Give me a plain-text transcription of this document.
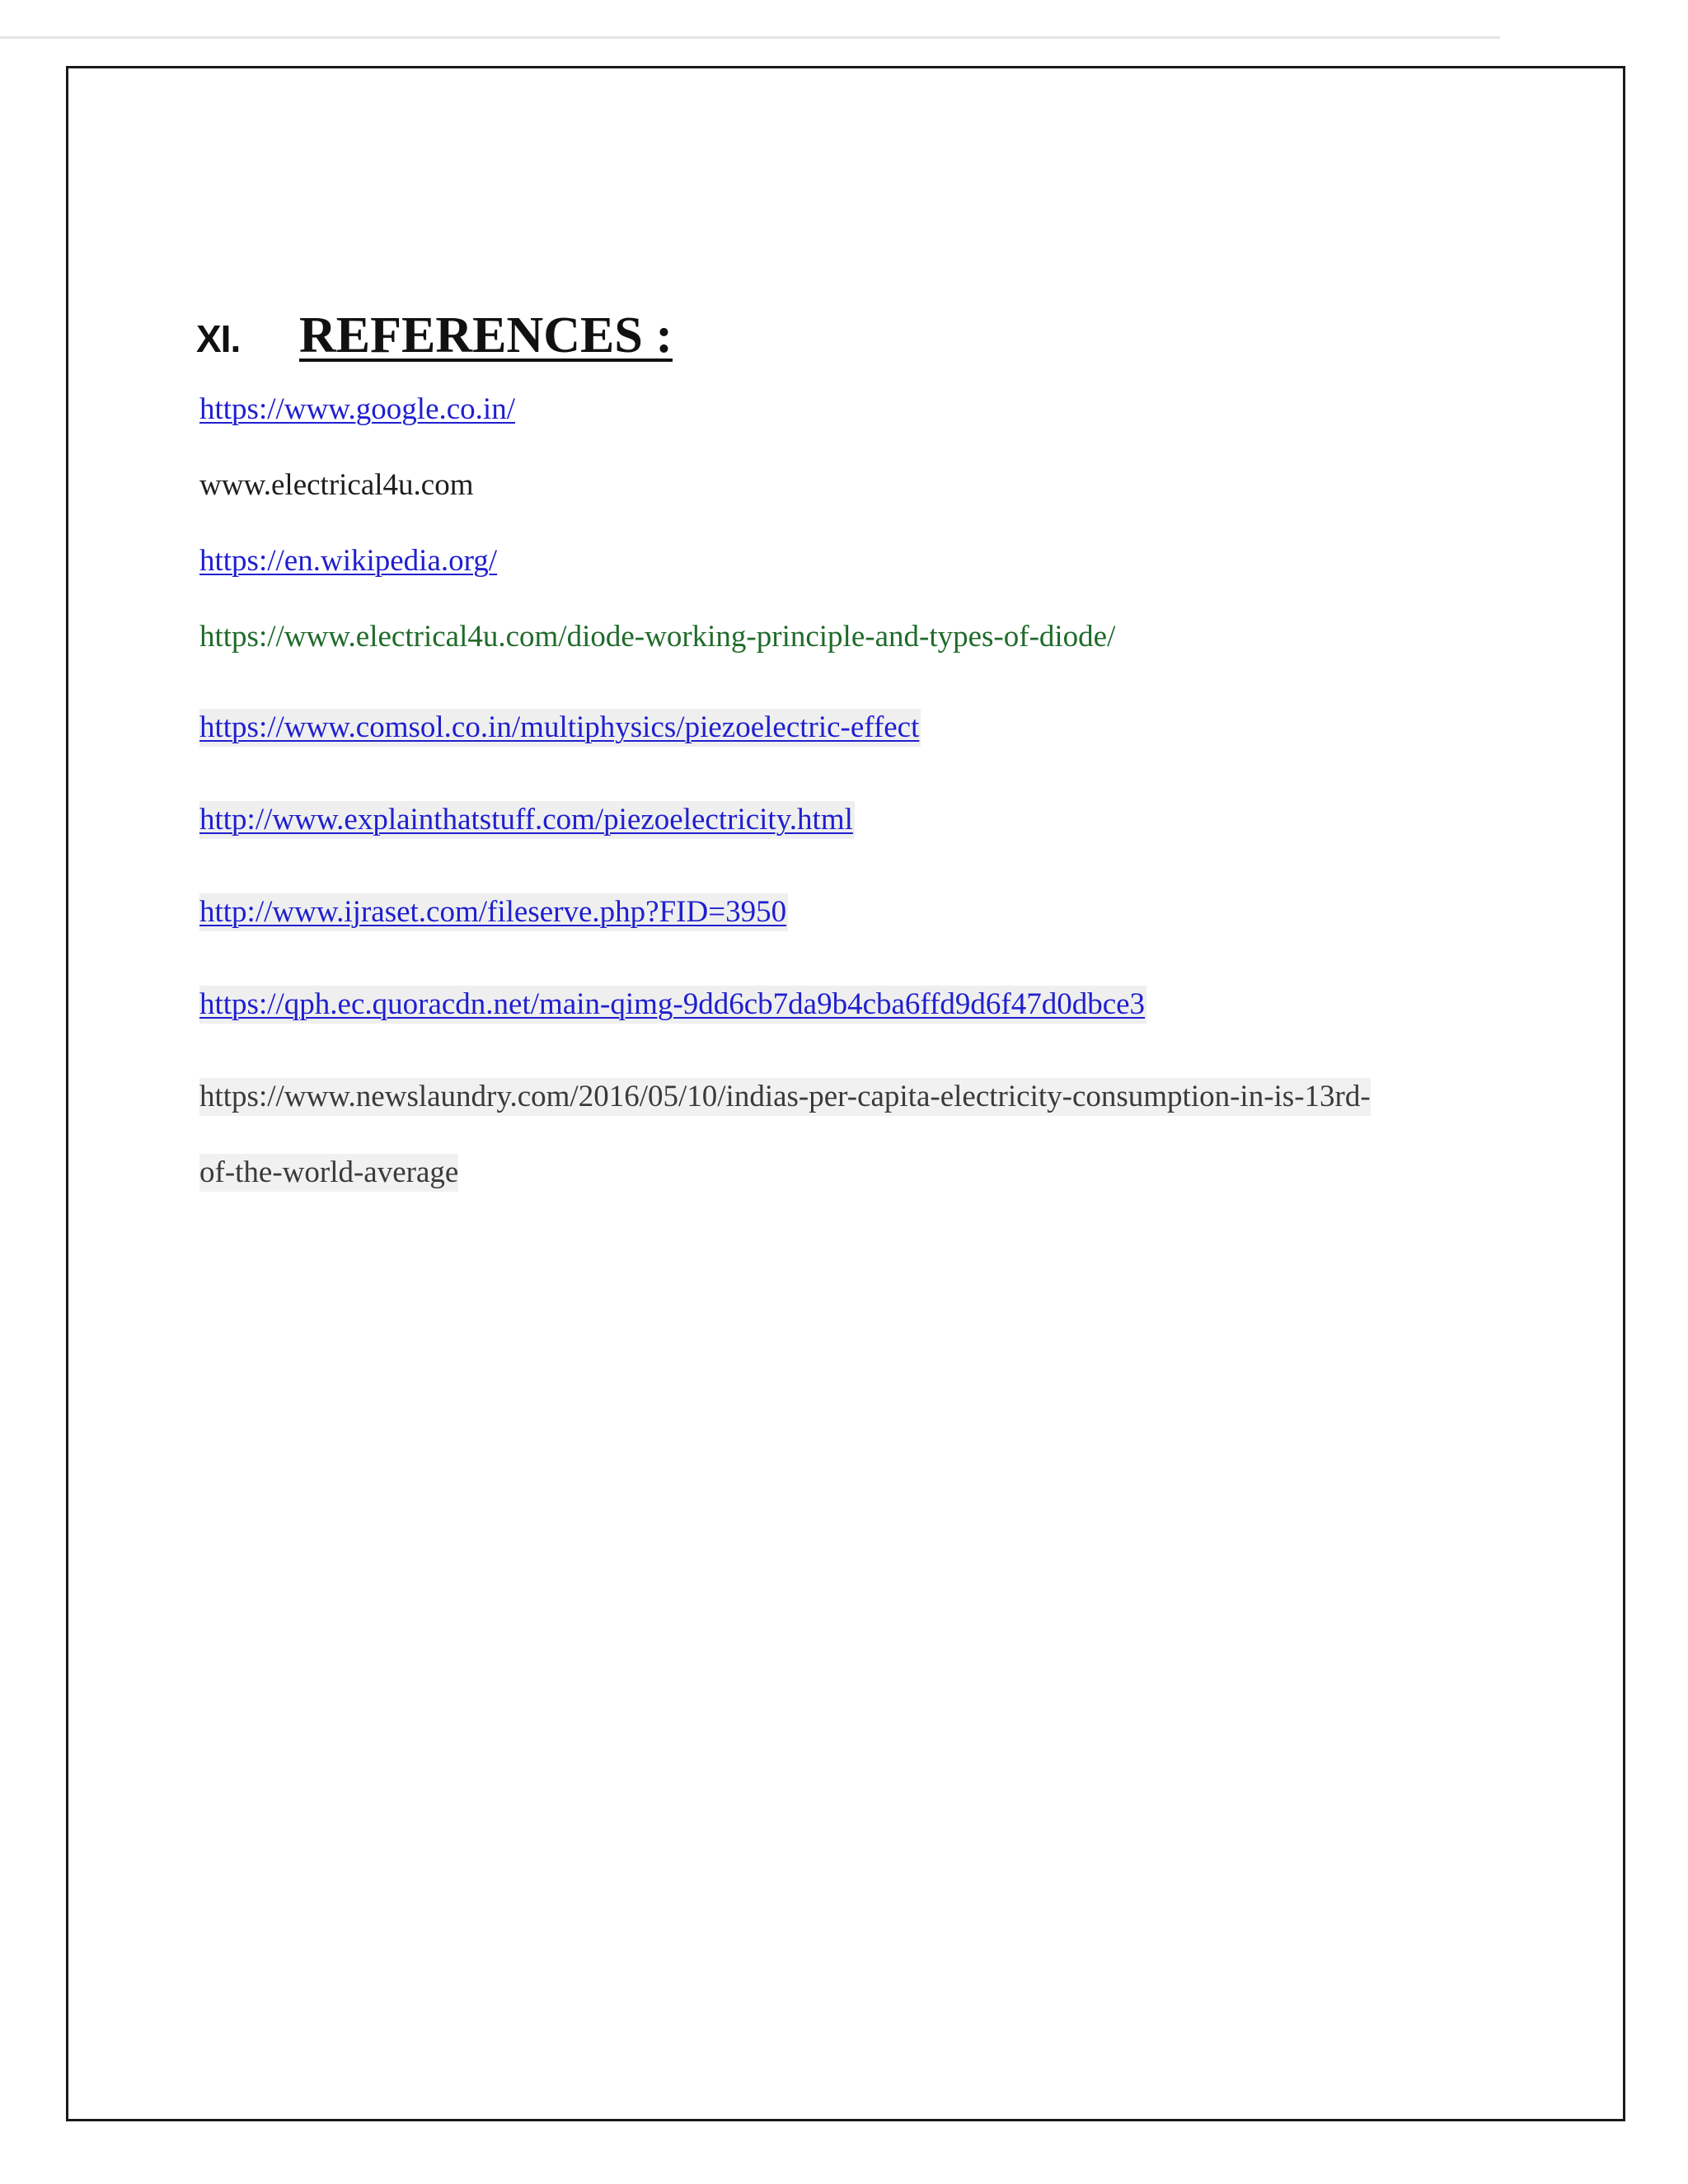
XI.	REFERENCES :
https://www.google.co.in/
www.electrical4u.com
https://en.wikipedia.org/
https://www.electrical4u.com/diode-working-principle-and-types-of-diode/
https://www.comsol.co.in/multiphysics/piezoelectric-effect
http://www.explainthatstuff.com/piezoelectricity.html
http://www.ijraset.com/fileserve.php?FID=3950
https://qph.ec.quoracdn.net/main-qimg-9dd6cb7da9b4cba6ffd9d6f47d0dbce3
https://www.newslaundry.com/2016/05/10/indias-per-capita-electricity-consumption-in-is-13rd-
of-the-world-average
